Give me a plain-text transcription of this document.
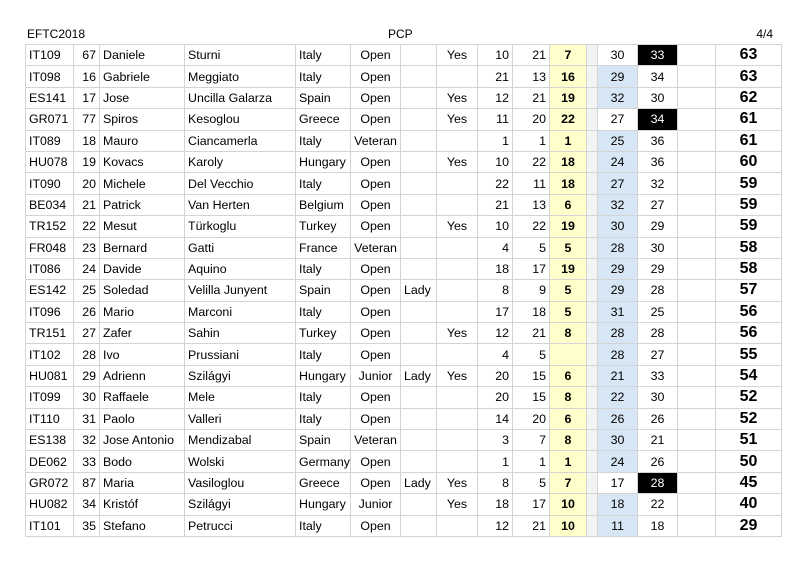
EFTC2018	PCP	4/4
IT109	67	Daniele	Sturni	Italy	Open		Yes	10	21	7		30	33		63
IT098	16	Gabriele	Meggiato	Italy	Open			21	13	16		29	34		63
ES141	17	Jose	Uncilla Galarza	Spain	Open		Yes	12	21	19		32	30		62
GR071	77	Spiros	Kesoglou	Greece	Open		Yes	11	20	22		27	34		61
IT089	18	Mauro	Ciancamerla	Italy	Veteran			1	1	1		25	36		61
HU078	19	Kovacs	Karoly	Hungary	Open		Yes	10	22	18		24	36		60
IT090	20	Michele	Del Vecchio	Italy	Open			22	11	18		27	32		59
BE034	21	Patrick	Van Herten	Belgium	Open			21	13	6		32	27		59
TR152	22	Mesut	Türkoglu	Turkey	Open		Yes	10	22	19		30	29		59
FR048	23	Bernard	Gatti	France	Veteran			4	5	5		28	30		58
IT086	24	Davide	Aquino	Italy	Open			18	17	19		29	29		58
ES142	25	Soledad	Velilla Junyent	Spain	Open	Lady		8	9	5		29	28		57
IT096	26	Mario	Marconi	Italy	Open			17	18	5		31	25		56
TR151	27	Zafer	Sahin	Turkey	Open		Yes	12	21	8		28	28		56
IT102	28	Ivo	Prussiani	Italy	Open			4	5			28	27		55
HU081	29	Adrienn	Szilágyi	Hungary	Junior	Lady	Yes	20	15	6		21	33		54
IT099	30	Raffaele	Mele	Italy	Open			20	15	8		22	30		52
IT110	31	Paolo	Valleri	Italy	Open			14	20	6		26	26		52
ES138	32	Jose Antonio	Mendizabal	Spain	Veteran			3	7	8		30	21		51
DE062	33	Bodo	Wolski	Germany	Open			1	1	1		24	26		50
GR072	87	Maria	Vasiloglou	Greece	Open	Lady	Yes	8	5	7		17	28		45
HU082	34	Kristóf	Szilágyi	Hungary	Junior		Yes	18	17	10		18	22		40
IT101	35	Stefano	Petrucci	Italy	Open			12	21	10		11	18		29
